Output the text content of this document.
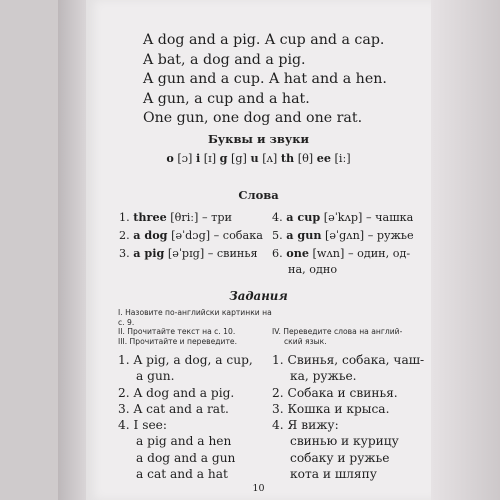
A dog and a pig. A cup and a cap.
A bat, a dog and a pig.
A gun and a cup. A hat and a hen.
A gun, a cup and a hat.
One gun, one dog and one rat.
Буквы и звуки
o [ɔ] i [ɪ] g [g] u [ʌ] th [θ] ee [iː]
Слова
1. three [θriː] – три
2. a dog [əˈdɔg] – собака
3. a pig [əˈpɪg] – свинья
4. a cup [əˈkʌp] – чашка
5. a gun [əˈgʌn] – ружье
6. one [wʌn] – один, од-
на, одно
Задания
I. Назовите по-английски картинки на с. 9.
II. Прочитайте текст на с. 10.
III. Прочитайте и переведите.
IV. Переведите слова на англий-
ский язык.
1. A pig, a dog, a cup,
a gun.
2. A dog and a pig.
3. A cat and a rat.
4. I see:
a pig and a hen
a dog and a gun
a cat and a hat
1. Свинья, собака, чаш-
ка, ружье.
2. Собака и свинья.
3. Кошка и крыса.
4. Я вижу:
свинью и курицу
собаку и ружье
кота и шляпу
10
